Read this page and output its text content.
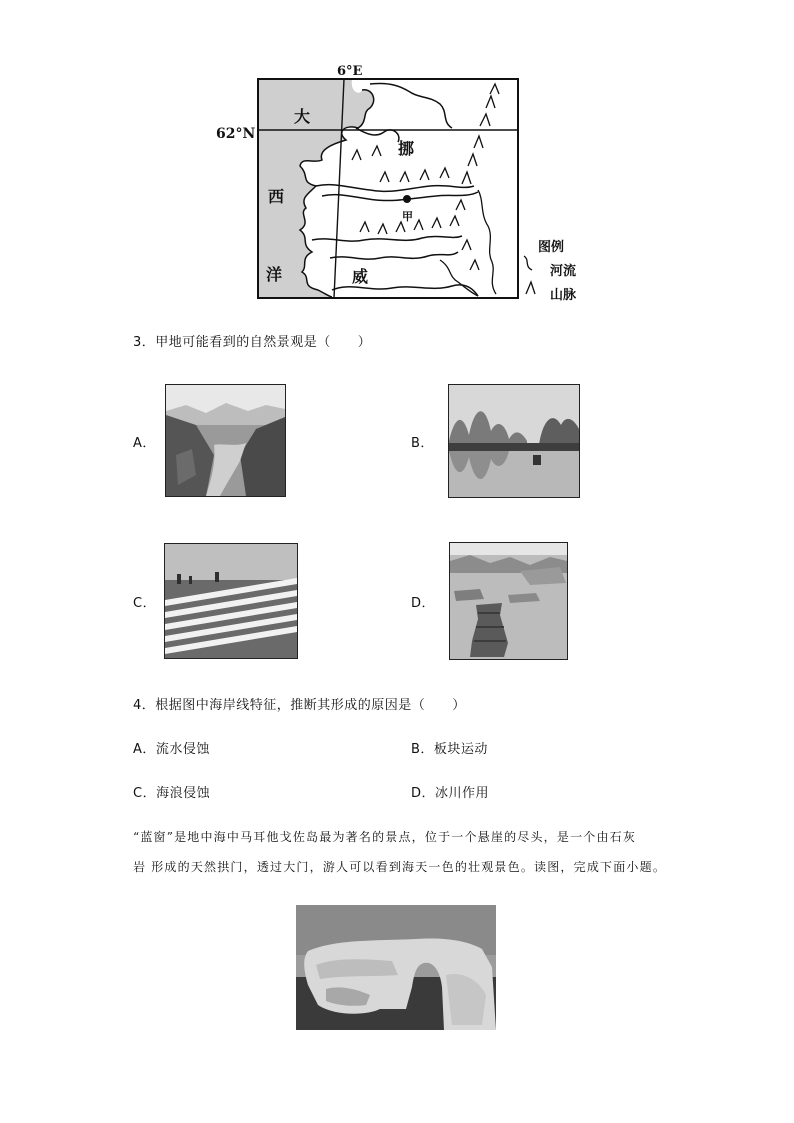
6°E
62°N
大
西
洋
挪
威
甲
图例
河流
山脉
3．甲地可能看到的自然景观是（　　）
A．	B．
C．	D．
4．根据图中海岸线特征，推断其形成的原因是（　　）
A．流水侵蚀	B．板块运动
C．海浪侵蚀	D．冰川作用
“蓝窗”是地中海中马耳他戈佐岛最为著名的景点，位于一个悬崖的尽头，是一个由石灰
岩 形成的天然拱门，透过大门，游人可以看到海天一色的壮观景色。读图，完成下面小题。
